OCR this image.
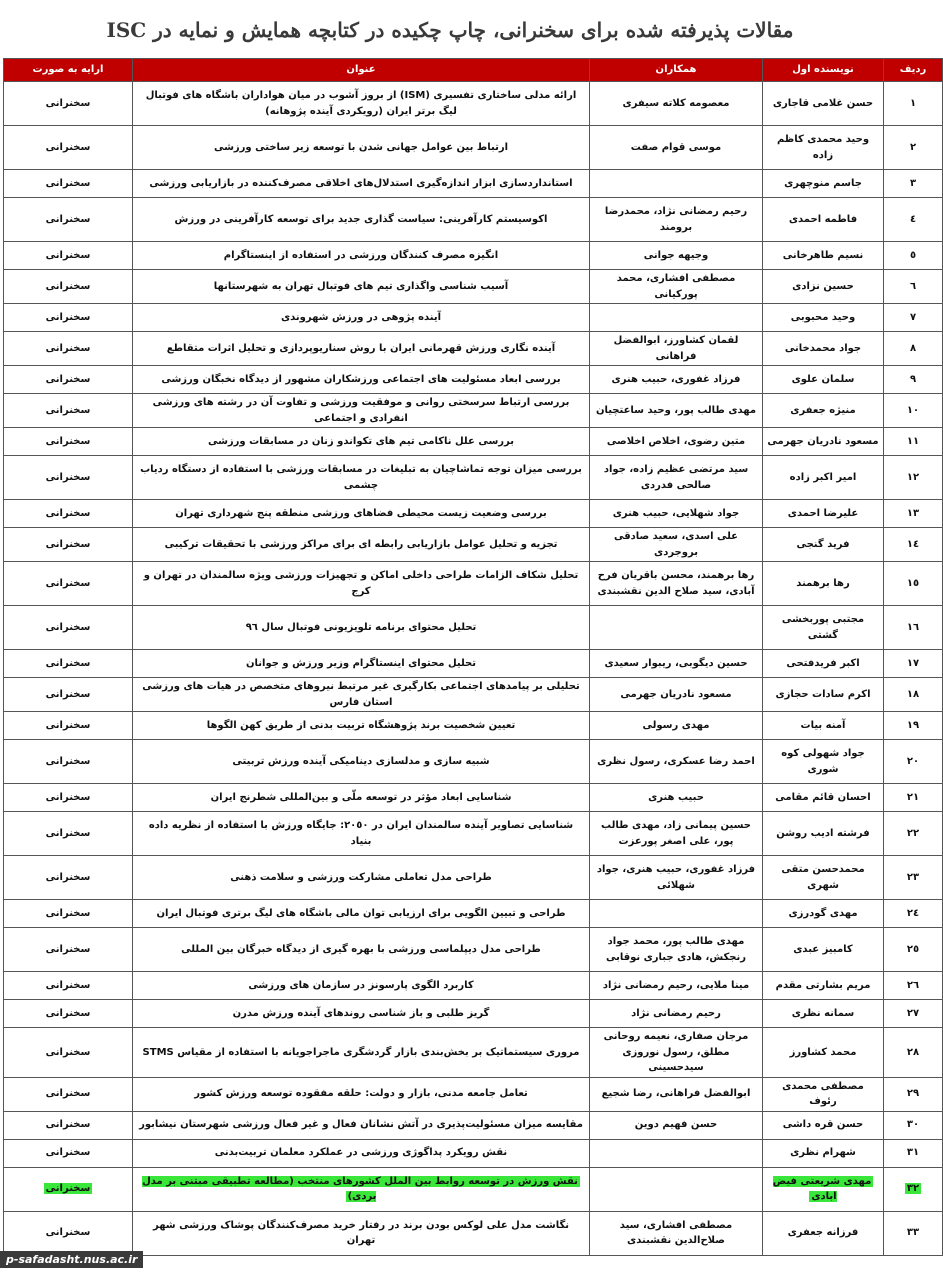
مقالات پذیرفته شده برای سخنرانی، چاپ چکیده در کتابچه همایش و نمایه در ISC
ردیف	نویسنده اول	همکاران	عنوان	ارایه به صورت
١	حسن غلامی قاجاری	معصومه کلاته سیفری	ارائه مدلی ساختاری تفسیری (ISM) از بروز آشوب در میان هواداران باشگاه های فوتبال لیگ برتر ایران (رویکردی آینده پژوهانه)	سخنرانی
٢	وحید محمدی کاظم زاده	موسی قوام صفت	ارتباط بین عوامل جهانی شدن با توسعه زیر ساختی ورزشی	سخنرانی
٣	جاسم منوچهری		استانداردسازی ابزار اندازه‌گیری استدلال‌های اخلاقی مصرف‌کننده در بازاریابی ورزشی	سخنرانی
٤	فاطمه احمدی	رحیم رمضانی نژاد، محمدرضا برومند	اکوسیستم کارآفرینی: سیاست گذاری جدید برای توسعه کارآفرینی در ورزش	سخنرانی
٥	نسیم طاهرخانی	وجیهه جوانی	انگیزه مصرف کنندگان ورزشی در استفاده از اینستاگرام	سخنرانی
٦	حسین نزادی	مصطفی افشاری، محمد پورکیانی	آسیب شناسی واگذاری تیم های فوتبال تهران به شهرستانها	سخنرانی
٧	وحید محبوبی		آینده پژوهی در ورزش شهروندی	سخنرانی
٨	جواد محمدخانی	لقمان کشاورز، ابوالفضل فراهانی	آینده نگاری ورزش قهرمانی ایران با روش سناریوپردازی و تحلیل اثرات متقاطع	سخنرانی
٩	سلمان علوی	فرزاد غفوری، حبیب هنری	بررسی ابعاد مسئولیت های اجتماعی ورزشکاران مشهور از دیدگاه نخبگان ورزشی	سخنرانی
١٠	منیژه جعفری	مهدی طالب پور، وحید ساعتچیان	بررسی ارتباط سرسختی روانی و موفقیت ورزشی و تفاوت آن در رشته های ورزشی انفرادی و اجتماعی	سخنرانی
١١	مسعود نادریان جهرمی	متین رضوی، اخلاص اخلاصی	بررسی علل ناکامی تیم های تکواندو زنان در مسابقات ورزشی	سخنرانی
١٢	امیر اکبر زاده	سید مرتضی عظیم زاده، جواد صالحی فدردی	بررسی میزان توجه تماشاچیان به تبلیغات در مسابقات ورزشی با استفاده از دستگاه ردیاب چشمی	سخنرانی
١٣	علیرضا احمدی	جواد شهلایی، حبیب هنری	بررسی وضعیت زیست محیطی فضاهای ورزشی منطقه پنج شهرداری تهران	سخنرانی
١٤	فرید گنجی	علی اسدی، سعید صادقی بروجردی	تجزیه و تحلیل عوامل بازاریابی رابطه ای برای مراکز ورزشی با تحقیقات ترکیبی	سخنرانی
١٥	رها برهمند	رها برهمند، محسن باقریان فرح آبادی، سید صلاح الدین نقشبندی	تحلیل شکاف الزامات طراحی داخلی اماکن و تجهیزات ورزشی ویژه سالمندان در تهران و کرج	سخنرانی
١٦	مجتبی پوربخشی گشتی		تحلیل محتوای برنامه تلویزیونی فوتبال سال ٩٦	سخنرانی
١٧	اکبر فریدفتحی	حسین دیگوبی، ریبوار سعیدی	تحلیل محتوای اینستاگرام وزیر ورزش و جوانان	سخنرانی
١٨	اکرم سادات حجازی	مسعود نادریان جهرمی	تحلیلی بر پیامدهای اجتماعی بکارگیری غیر مرتبط نیروهای متخصص در هیات های ورزشی استان فارس	سخنرانی
١٩	آمنه بیات	مهدی رسولی	تعیین شخصیت برند پژوهشگاه تربیت بدنی از طریق کهن الگوها	سخنرانی
٢٠	جواد شهولی کوه شوری	احمد رضا عسکری، رسول نظری	شبیه سازی و مدلسازی دینامیکی آینده ورزش تربیتی	سخنرانی
٢١	احسان قائم مقامی	حبیب هنری	شناسایی ابعاد مؤثر در توسعه ملّی و بین‌المللی شطرنج ایران	سخنرانی
٢٢	فرشته ادیب روشن	حسین پیمانی زاد، مهدی طالب پور، علی اصغر پورعزت	شناسایی تصاویر آینده سالمندان ایران در ٢٠٥٠: جایگاه ورزش با استفاده از نظریه داده بنیاد	سخنرانی
٢٣	محمدحسن متقی شهری	فرزاد غفوری، حبیب هنری، جواد شهلائی	طراحی مدل تعاملی مشارکت ورزشی و سلامت ذهنی	سخنرانی
٢٤	مهدی گودرزی		طراحی و تبیین الگویی برای ارزیابی توان مالی باشگاه های لیگ برتری فوتبال ایران	سخنرانی
٢٥	کامبیز عبدی	مهدی طالب پور، محمد جواد رنجکش، هادی جباری نوقابی	طراحی مدل دیپلماسی ورزشی با بهره گیری از دیدگاه خبرگان بین المللی	سخنرانی
٢٦	مریم بشارتی مقدم	مینا ملایی، رحیم رمضانی نژاد	کاربرد الگوی پارسونز در سازمان های ورزشی	سخنرانی
٢٧	سمانه نظری	رحیم رمضانی نژاد	گریز طلبی و باز شناسی روندهای آینده ورزش مدرن	سخنرانی
٢٨	محمد کشاورز	مرجان صفاری، نعیمه روحانی مطلق، رسول نوروزی سیدحسینی	مروری سیستماتیک بر بخش‌بندی بازار گردشگری ماجراجویانه با استفاده از مقیاس STMS	سخنرانی
٢٩	مصطفی محمدی رئوف	ابوالفضل فراهانی، رضا شجیع	تعامل جامعه مدنی، بازار و دولت: حلقه مفقوده توسعه ورزش کشور	سخنرانی
٣٠	حسن قره داشی	حسن فهیم دوین	مقایسه میزان مسئولیت‌پذیری در آتش نشانان فعال و غیر فعال ورزشی شهرستان نیشابور	سخنرانی
٣١	شهرام نظری		نقش رویکرد پداگوژی ورزشی در عملکرد معلمان تربیت‌بدنی	سخنرانی
٣٢	مهدی شریعتی فیض ابادی		نقش ورزش در توسعه روابط بین الملل کشورهای منتخب (مطالعه تطبیقی مبتنی بر مدل بردی)	سخنرانی
٣٣	فرزانه جعفری	مصطفی افشاری، سید صلاح‌الدین نقشبندی	نگاشت مدل علی لوکس بودن برند در رفتار خرید مصرف‌کنندگان پوشاک ورزشی شهر تهران	سخنرانی
p-safadasht.nus.ac.ir
